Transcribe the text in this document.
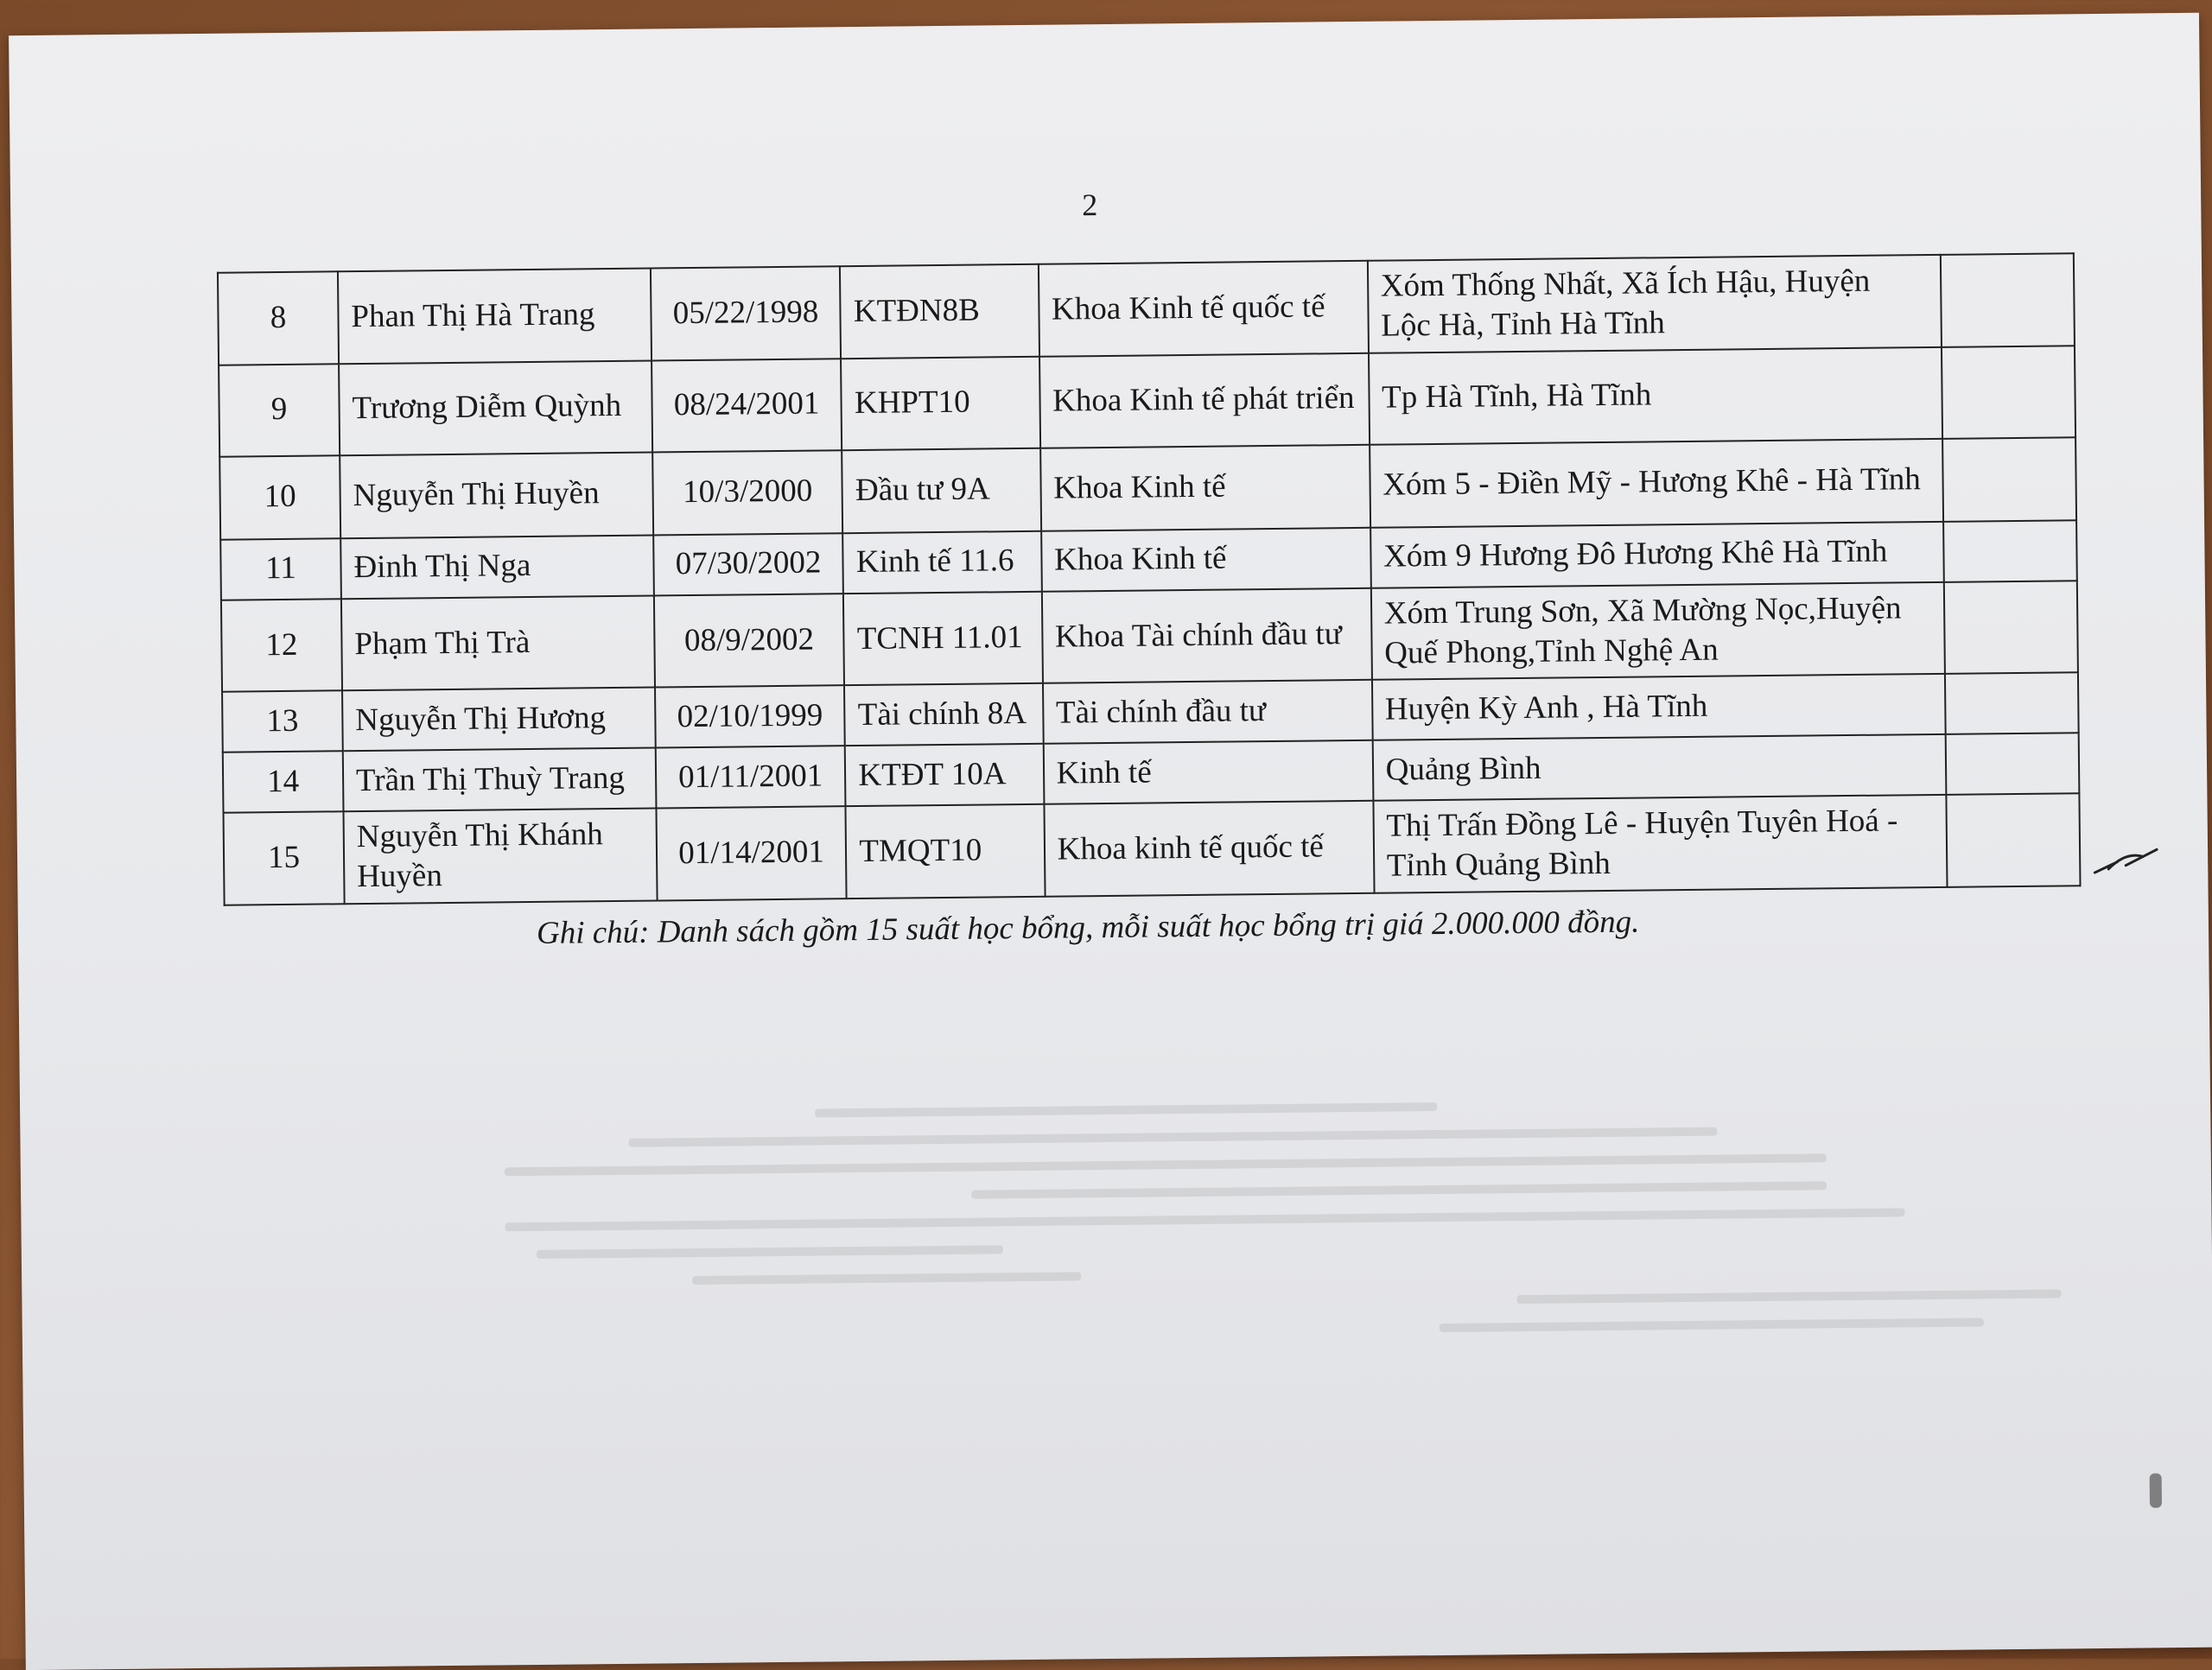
2
8	Phan Thị Hà Trang	05/22/1998	KTĐN8B	Khoa Kinh tế quốc tế	Xóm Thống Nhất, Xã Ích Hậu, Huyện Lộc Hà, Tỉnh Hà Tĩnh	
9	Trương Diễm Quỳnh	08/24/2001	KHPT10	Khoa Kinh tế phát triển	Tp Hà Tĩnh, Hà Tĩnh	
10	Nguyễn Thị Huyền	10/3/2000	Đầu tư 9A	Khoa Kinh tế	Xóm 5 - Điền Mỹ - Hương Khê - Hà Tĩnh	
11	Đinh Thị Nga	07/30/2002	Kinh tế 11.6	Khoa Kinh tế	Xóm 9 Hương Đô Hương Khê Hà Tĩnh	
12	Phạm Thị Trà	08/9/2002	TCNH 11.01	Khoa Tài chính đầu tư	Xóm Trung Sơn, Xã Mường Nọc,Huyện Quế Phong,Tỉnh Nghệ An	
13	Nguyễn Thị Hương	02/10/1999	Tài chính 8A	Tài chính đầu tư	Huyện Kỳ Anh , Hà Tĩnh	
14	Trần Thị Thuỳ Trang	01/11/2001	KTĐT 10A	Kinh tế	Quảng Bình	
15	Nguyễn Thị Khánh Huyền	01/14/2001	TMQT10	Khoa kinh tế quốc tế	Thị Trấn Đồng Lê - Huyện Tuyên Hoá - Tỉnh Quảng Bình	
Ghi chú: Danh sách gồm 15 suất học bổng, mỗi suất học bổng trị giá 2.000.000 đồng.
